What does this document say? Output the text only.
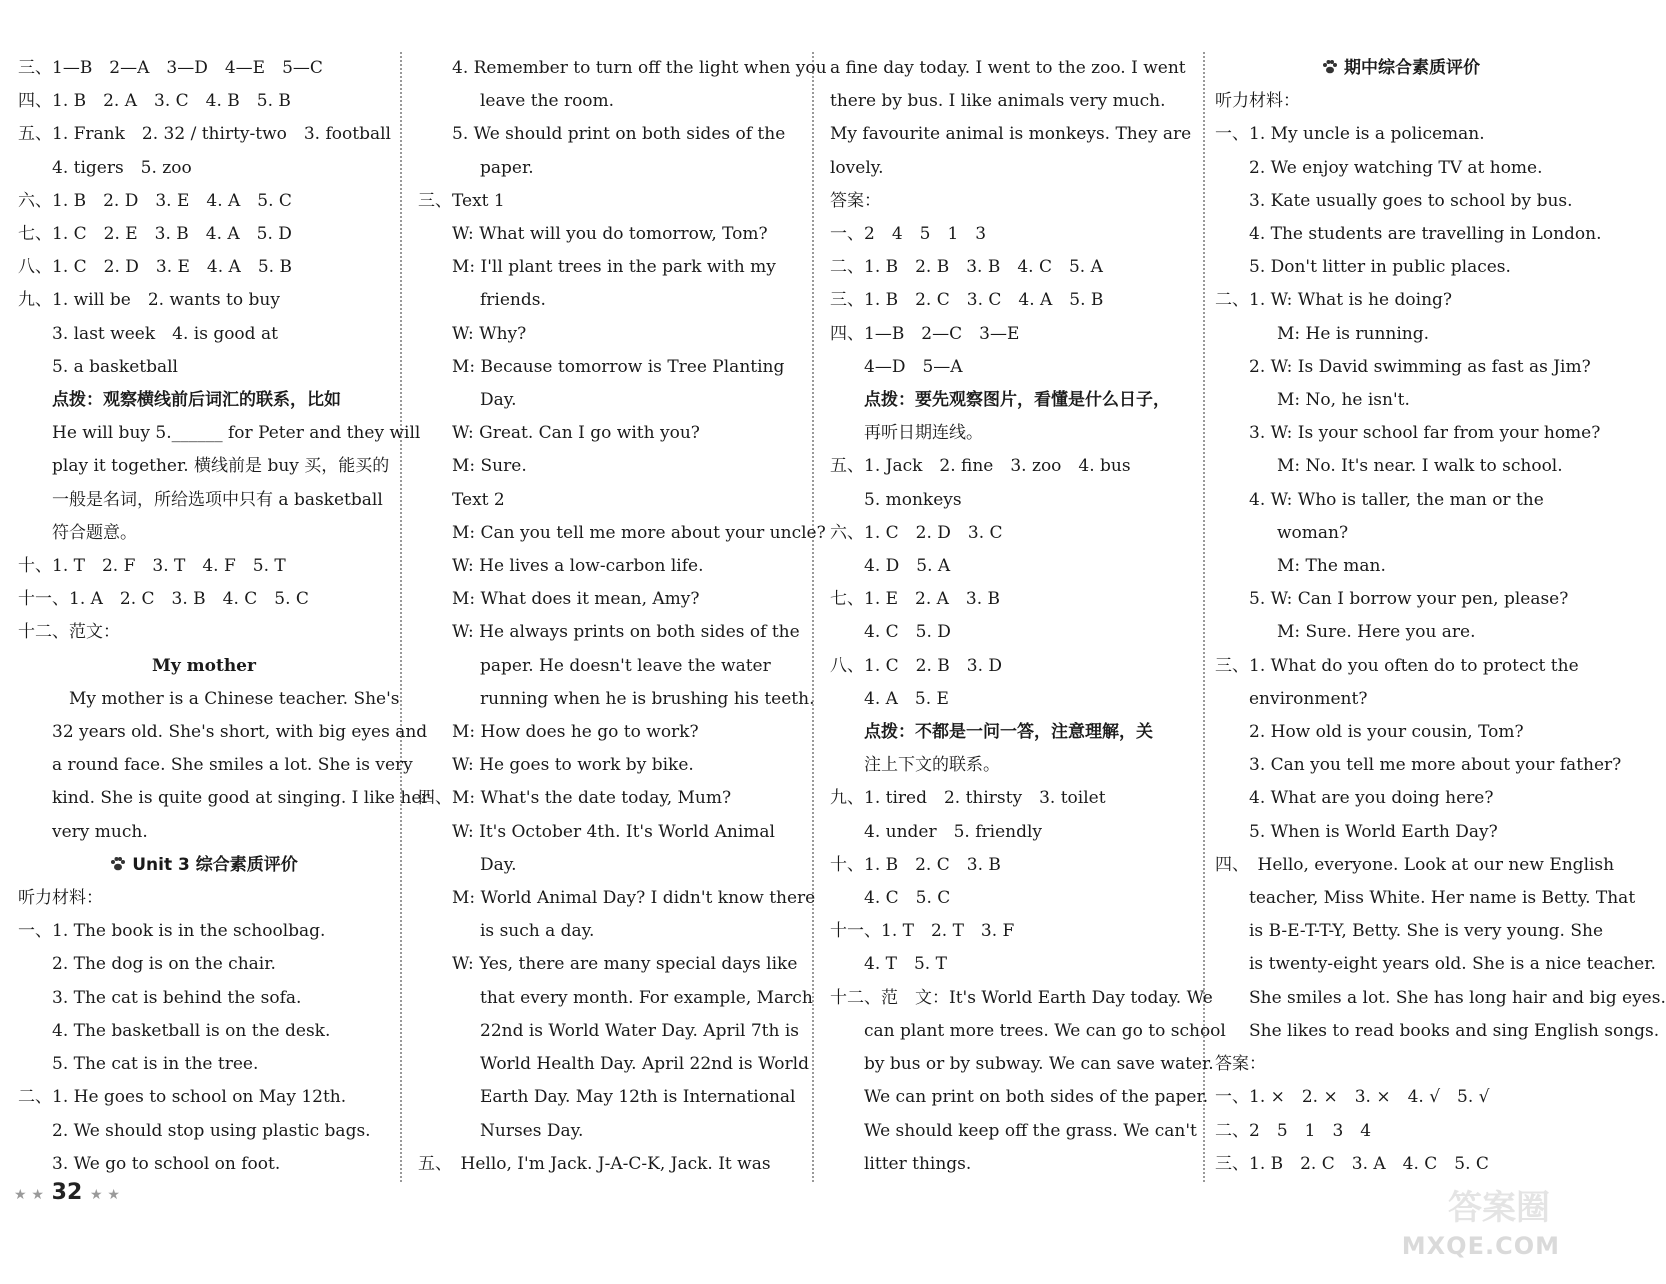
三、1—B　2—A　3—D　4—E　5—C
四、1. B　2. A　3. C　4. B　5. B
五、1. Frank　2. 32 / thirty-two　3. football
4. tigers　5. zoo
六、1. B　2. D　3. E　4. A　5. C
七、1. C　2. E　3. B　4. A　5. D
八、1. C　2. D　3. E　4. A　5. B
九、1. will be　2. wants to buy
3. last week　4. is good at
5. a basketball
点拨：观察横线前后词汇的联系，比如
He will buy 5.______ for Peter and they will
play it together. 横线前是 buy 买，能买的
一般是名词，所给选项中只有 a basketball
符合题意。
十、1. T　2. F　3. T　4. F　5. T
十一、1. A　2. C　3. B　4. C　5. C
十二、范文：
My mother
　My mother is a Chinese teacher. She's
32 years old. She's short, with big eyes and
a round face. She smiles a lot. She is very
kind. She is quite good at singing. I like her
very much.
Unit 3 综合素质评价
听力材料：
一、1. The book is in the schoolbag.
2. The dog is on the chair.
3. The cat is behind the sofa.
4. The basketball is on the desk.
5. The cat is in the tree.
二、1. He goes to school on May 12th.
2. We should stop using plastic bags.
3. We go to school on foot.
4. Remember to turn off the light when you
leave the room.
5. We should print on both sides of the
paper.
三、Text 1
W: What will you do tomorrow, Tom?
M: I'll plant trees in the park with my
friends.
W: Why?
M: Because tomorrow is Tree Planting
Day.
W: Great. Can I go with you?
M: Sure.
Text 2
M: Can you tell me more about your uncle?
W: He lives a low-carbon life.
M: What does it mean, Amy?
W: He always prints on both sides of the
paper. He doesn't leave the water
running when he is brushing his teeth.
M: How does he go to work?
W: He goes to work by bike.
四、M: What's the date today, Mum?
W: It's October 4th. It's World Animal
Day.
M: World Animal Day? I didn't know there
is such a day.
W: Yes, there are many special days like
that every month. For example, March
22nd is World Water Day. April 7th is
World Health Day. April 22nd is World
Earth Day. May 12th is International
Nurses Day.
五、　Hello, I'm Jack. J-A-C-K, Jack. It was
a fine day today. I went to the zoo. I went
there by bus. I like animals very much.
My favourite animal is monkeys. They are
lovely.
答案：
一、2　4　5　1　3
二、1. B　2. B　3. B　4. C　5. A
三、1. B　2. C　3. C　4. A　5. B
四、1—B　2—C　3—E
4—D　5—A
点拨：要先观察图片，看懂是什么日子，
再听日期连线。
五、1. Jack　2. fine　3. zoo　4. bus
5. monkeys
六、1. C　2. D　3. C
4. D　5. A
七、1. E　2. A　3. B
4. C　5. D
八、1. C　2. B　3. D
4. A　5. E
点拨：不都是一问一答，注意理解，关
注上下文的联系。
九、1. tired　2. thirsty　3. toilet
4. under　5. friendly
十、1. B　2. C　3. B
4. C　5. C
十一、1. T　2. T　3. F
4. T　5. T
十二、范　文：It's World Earth Day today. We
can plant more trees. We can go to school
by bus or by subway. We can save water.
We can print on both sides of the paper.
We should keep off the grass. We can't
litter things.
期中综合素质评价
听力材料：
一、1. My uncle is a policeman.
2. We enjoy watching TV at home.
3. Kate usually goes to school by bus.
4. The students are travelling in London.
5. Don't litter in public places.
二、1. W: What is he doing?
M: He is running.
2. W: Is David swimming as fast as Jim?
M: No, he isn't.
3. W: Is your school far from your home?
M: No. It's near. I walk to school.
4. W: Who is taller, the man or the
woman?
M: The man.
5. W: Can I borrow your pen, please?
M: Sure. Here you are.
三、1. What do you often do to protect the
environment?
2. How old is your cousin, Tom?
3. Can you tell me more about your father?
4. What are you doing here?
5. When is World Earth Day?
四、　Hello, everyone. Look at our new English
teacher, Miss White. Her name is Betty. That
is B-E-T-T-Y, Betty. She is very young. She
is twenty-eight years old. She is a nice teacher.
She smiles a lot. She has long hair and big eyes.
She likes to read books and sing English songs.
答案：
一、1. ×　2. ×　3. ×　4. √　5. √
二、2　5　1　3　4
三、1. B　2. C　3. A　4. C　5. C
★ ★ 32 ★ ★	答案圈
MXQE.COM
